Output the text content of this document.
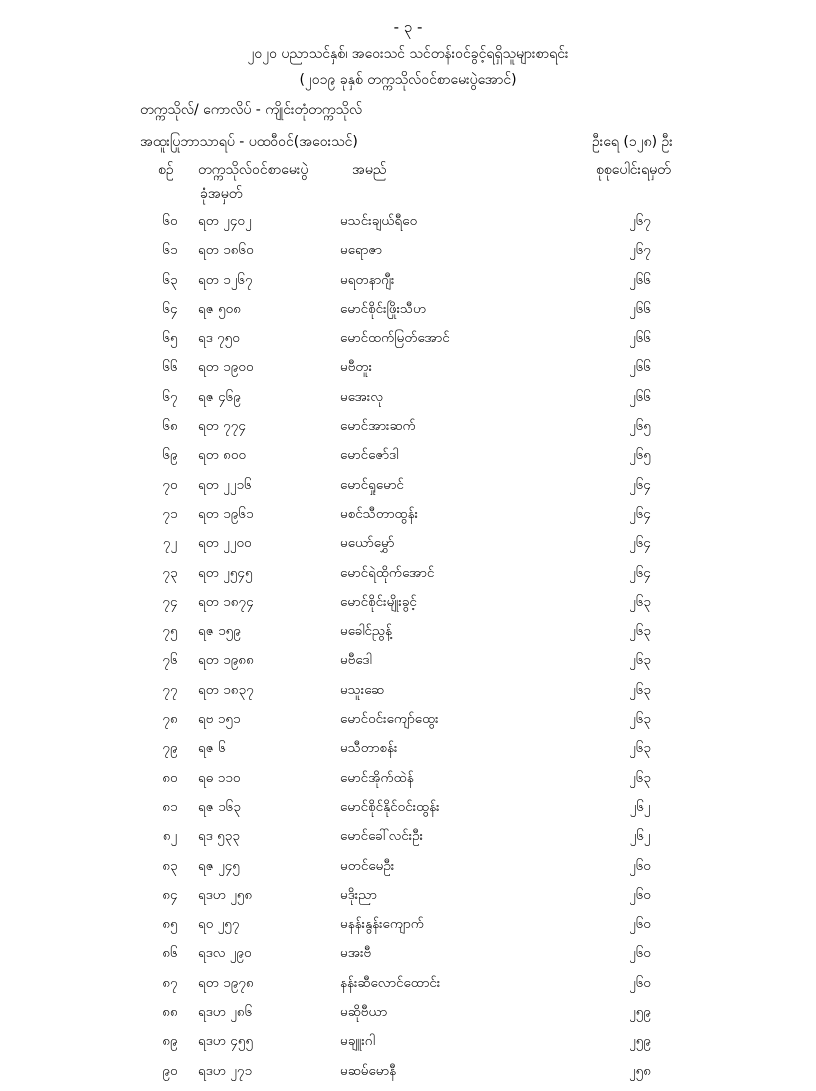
- ၃ -
၂၀၂၀ ပညာသင်နှစ်၊ အဝေးသင် သင်တန်းဝင်ခွင့်ရရှိသူများစာရင်း
(၂၀၁၉ ခုနှစ် တက္ကသိုလ်ဝင်စာမေးပွဲအောင်)
တက္ကသိုလ်/ ကောလိပ် - ကျိုင်းတုံတက္ကသိုလ်
အထူးပြုဘာသာရပ် - ပထဝီဝင်(အဝေးသင်)	ဦးရေ (၁၂၈) ဦး
စဉ် တက္ကသိုလ်ဝင်စာမေးပွဲ
ခုံအမှတ်
အမည်	စုစုပေါင်းရမှတ်
၆၀	ရတ ၂၄၀၂	မသင်းချယ်ရီဝေ	၂၆၇
၆၁	ရတ ၁၈၆၀	မရောဇာ	၂၆၇
၆၃	ရတ ၁၂၆၇	မရတနာဂျီး	၂၆၆
၆၄	ရဇ ၅၀၈	မောင်စိုင်းဖြိုးသီဟ	၂၆၆
၆၅	ရဒ ၇၅၀	မောင်ထက်မြတ်အောင်	၂၆၆
၆၆	ရတ ၁၉၀၀	မဗီတူး	၂၆၆
၆၇	ရဇ ၄၆၉	မအေးလု	၂၆၆
၆၈	ရတ ၇၇၄	မောင်အားဆက်	၂၆၅
၆၉	ရတ ၈၀၀	မောင်ဇော်ဒါ	၂၆၅
၇၀	ရတ ၂၂၁၆	မောင်ရှုမောင်	၂၆၄
၇၁	ရတ ၁၉၆၁	မစင်သီတာထွန်း	၂၆၄
၇၂	ရတ ၂၂၀၀	မယော်မွှော်	၂၆၄
၇၃	ရတ ၂၅၄၅	မောင်ရဲထိုက်အောင်	၂၆၄
၇၄	ရတ ၁၈၇၄	မောင်စိုင်းမျိုးခွင့်	၂၆၃
၇၅	ရဇ ၁၅၉	မခေါင်ညွန့်	၂၆၃
၇၆	ရတ ၁၉၈၈	မဗီဒေါ	၂၆၃
၇၇	ရတ ၁၈၃၇	မသူးဆေ	၂၆၃
၇၈	ရဗ ၁၅၁	မောင်ဝင်းကျော်ထွေး	၂၆၃
၇၉	ရဇ ၆	မသီတာစန်း	၂၆၃
၈၀	ရဓ ၁၁၀	မောင်အိုက်ထဲန်	၂၆၃
၈၁	ရဇ ၁၆၃	မောင်စိုင်နိုင်ဝင်းထွန်း	၂၆၂
၈၂	ရဒ ၅၃၃	မောင်ခေါ်လင်းဦး	၂၆၂
၈၃	ရဇ ၂၄၅	မတင်မေဦး	၂၆၀
၈၄	ရဒဟ ၂၅၈	မဒိုးညာ	၂၆၀
၈၅	ရဝ ၂၅၇	မနန်းနွန်းကျောက်	၂၆၀
၈၆	ရဒလ ၂၉၀	မအးဗီ	၂၆၀
၈၇	ရတ ၁၉၇၈	နန်းဆီလောင်ထောင်း	၂၆၀
၈၈	ရဒဟ ၂၈၆	မဆိုဗီယာ	၂၅၉
၈၉	ရဒဟ ၄၅၅	မချူးဂါ	၂၅၉
၉၀	ရဒဟ ၂၇၁	မဆမ်မောနီ	၂၅၈
